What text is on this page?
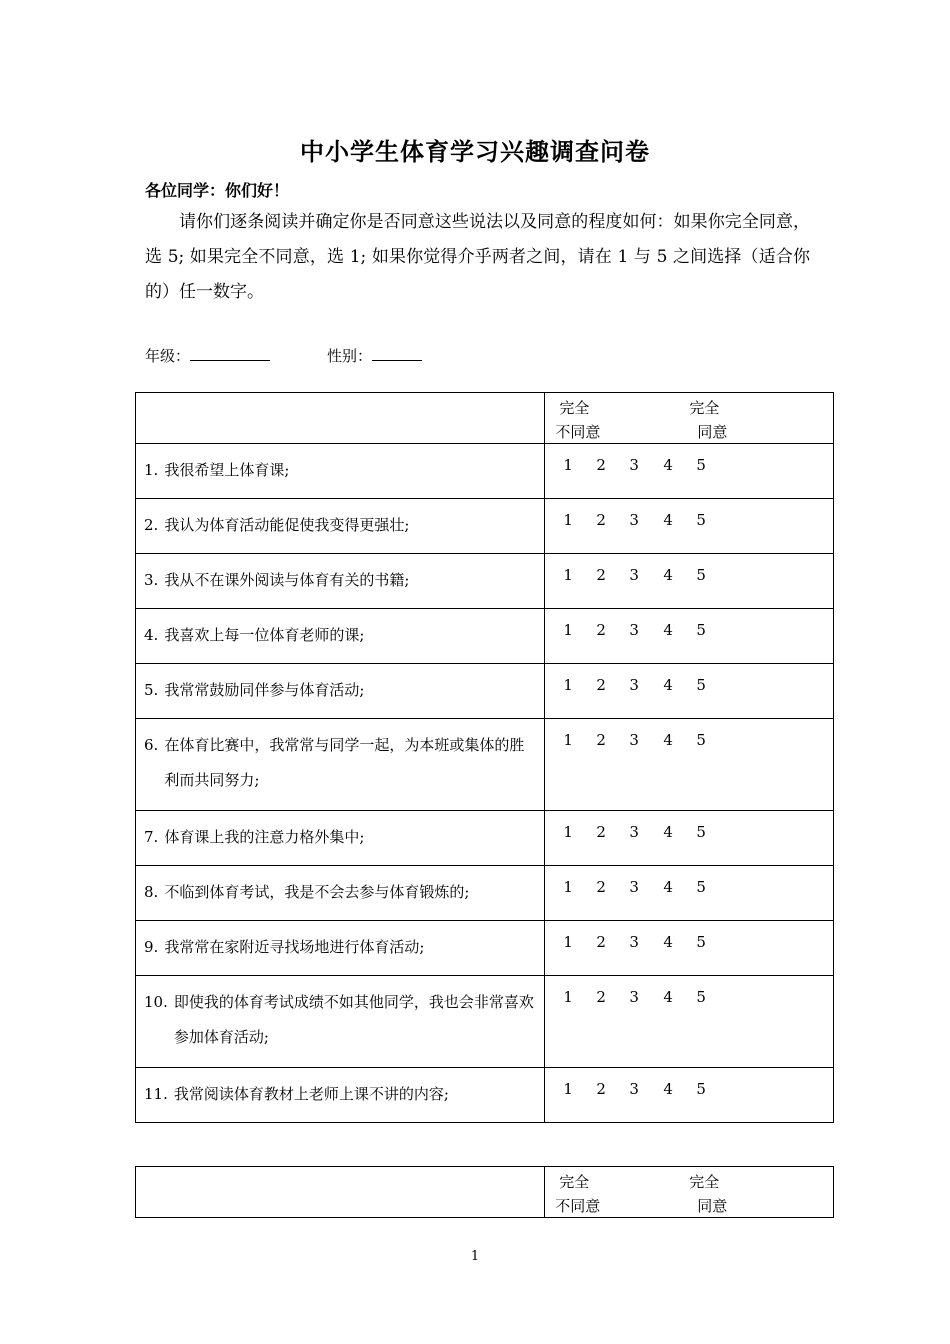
中小学生体育学习兴趣调查问卷
各位同学：你们好！
请你们逐条阅读并确定你是否同意这些说法以及同意的程度如何：如果你完全同意，选 5; 如果完全不同意，选 1; 如果你觉得介乎两者之间，请在 1 与 5 之间选择（适合你的）任一数字。
年级：	性别：

	完全
不同意
完全
同意

1. 我很希望上体育课;	1 2 3 4 5

2. 我认为体育活动能促使我变得更强壮;	1 2 3 4 5

3. 我从不在课外阅读与体育有关的书籍;	1 2 3 4 5

4. 我喜欢上每一位体育老师的课;	1 2 3 4 5

5. 我常常鼓励同伴参与体育活动;	1 2 3 4 5

6. 在体育比赛中，我常常与同学一起，为本班或集体的胜利而共同努力;	1 2 3 4 5

7. 体育课上我的注意力格外集中;	1 2 3 4 5

8. 不临到体育考试，我是不会去参与体育锻炼的;	1 2 3 4 5

9. 我常常在家附近寻找场地进行体育活动;	1 2 3 4 5

10. 即使我的体育考试成绩不如其他同学，我也会非常喜欢参加体育活动;	1 2 3 4 5

11. 我常阅读体育教材上老师上课不讲的内容;	1 2 3 4 5

完全
不同意
完全
同意
1
